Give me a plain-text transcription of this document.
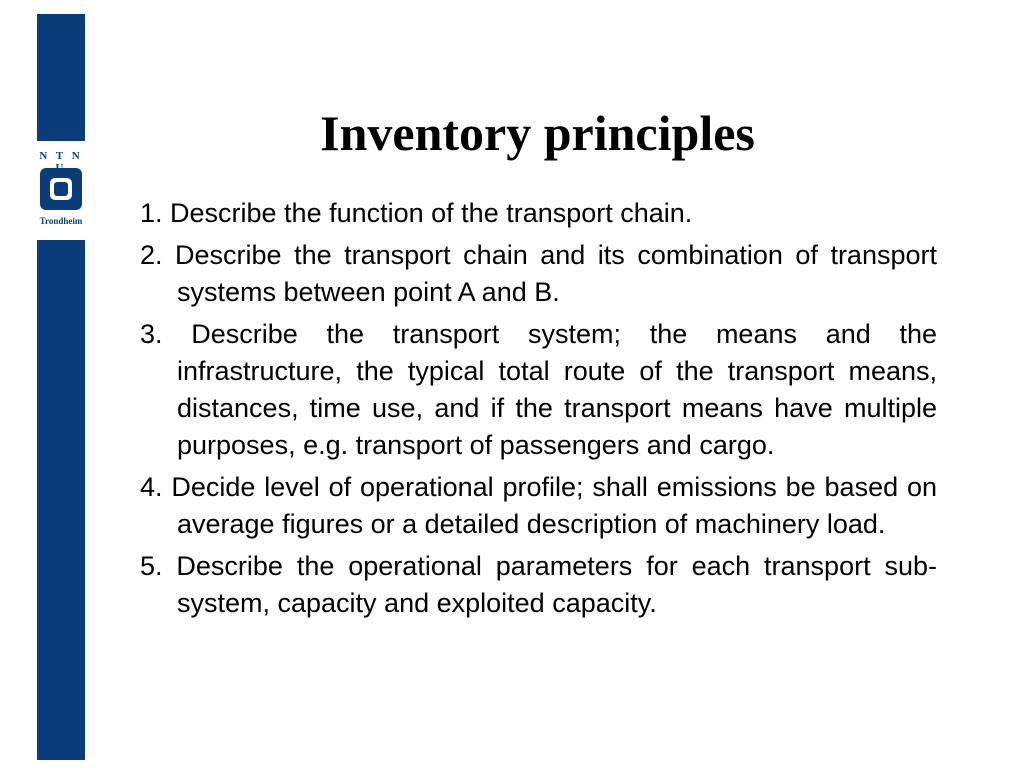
N T N
Trondheim
Inventory principles
1. Describe the function of the transport chain.
2. Describe the transport chain and its combination of transport systems between point A and B.
3. Describe the transport system; the means and the infrastructure, the typical total route of the transport means, distances, time use, and if the transport means have multiple purposes, e.g. transport of passengers and cargo.
4. Decide level of operational profile; shall emissions be based on average figures or a detailed description of machinery load.
5. Describe the operational parameters for each transport sub-system, capacity and exploited capacity.
